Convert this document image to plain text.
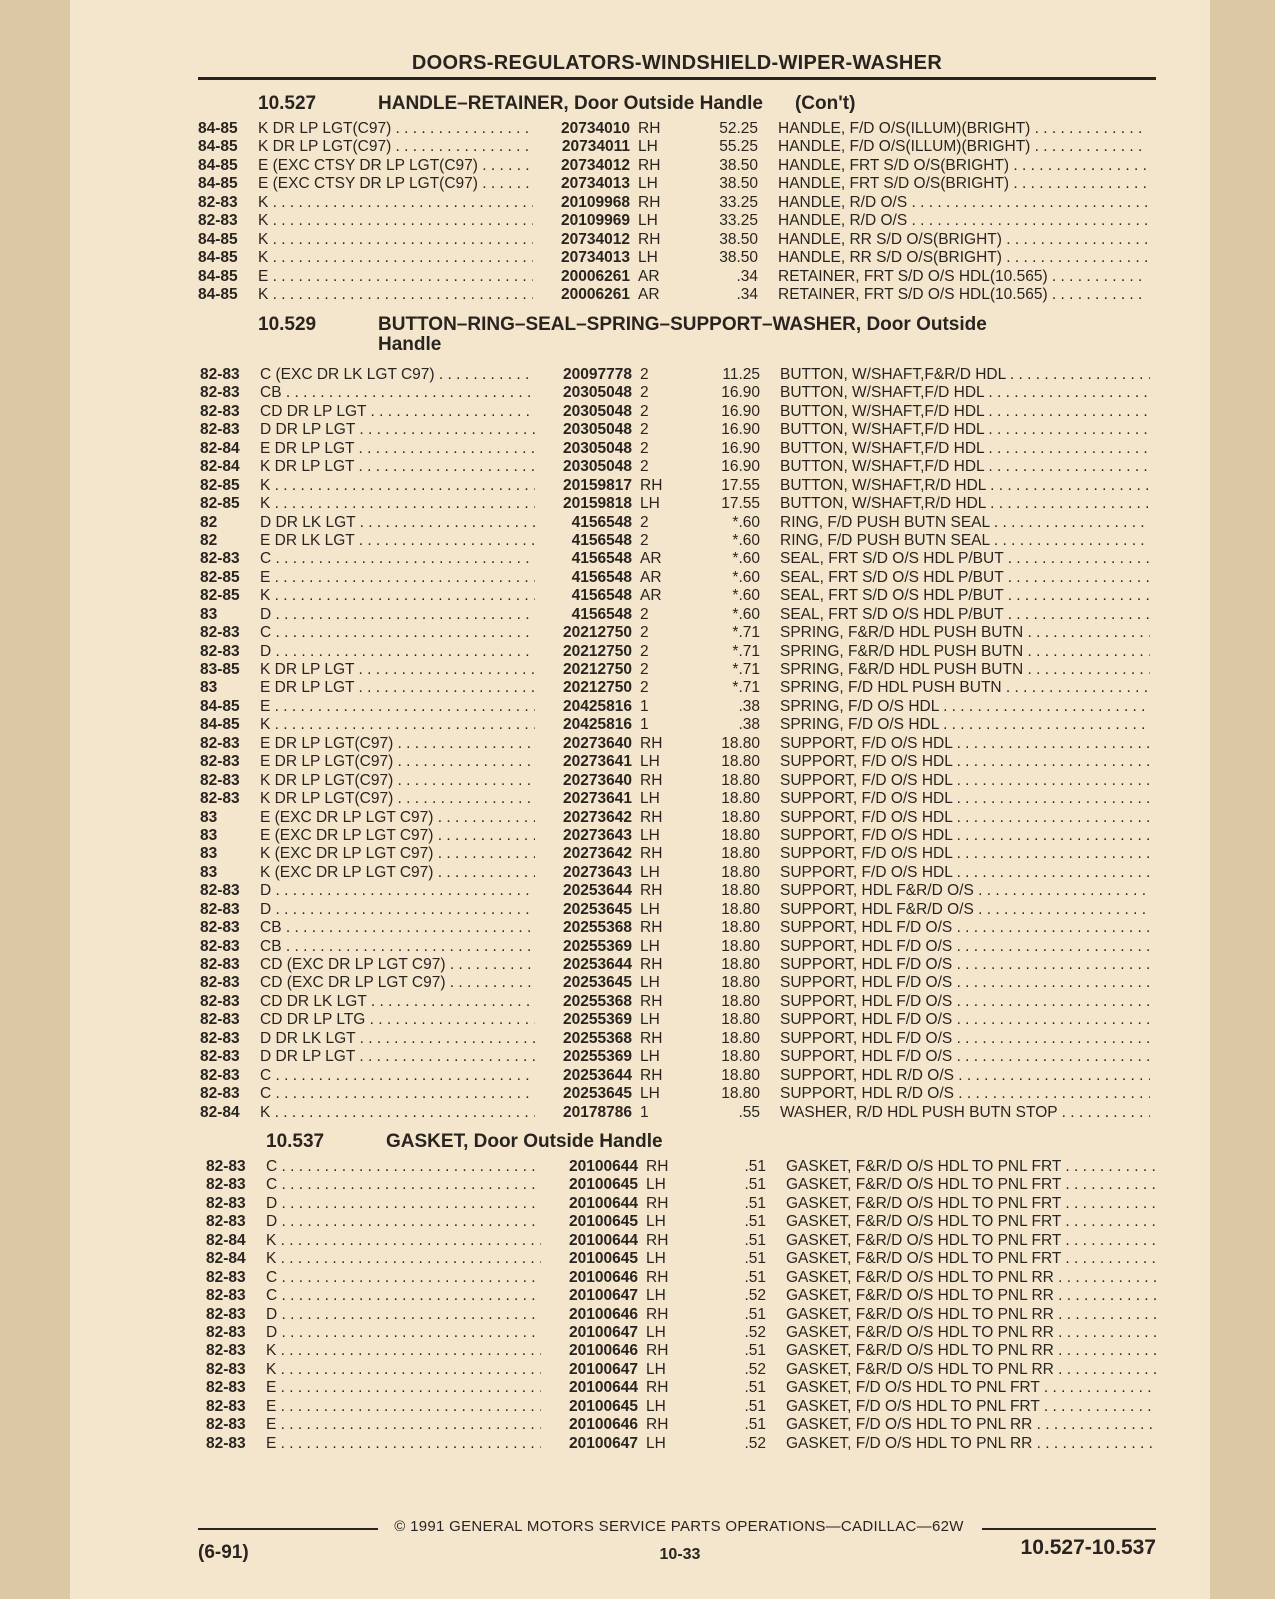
DOORS-REGULATORS-WINDSHIELD-WIPER-WASHER
10.527	HANDLE–RETAINER, Door Outside Handle (Con't)
84-85	K DR LP LGT(C97) . . .	20734010 RH	52.25 HANDLE, F/D O/S(ILLUM)(BRIGHT) . . .
84-85	K DR LP LGT(C97) . . .	20734011 LH	55.25 HANDLE, F/D O/S(ILLUM)(BRIGHT) . . .
84-85	E (EXC CTSY DR LP LGT(C97) . . .	20734012 RH	38.50 HANDLE, FRT S/D O/S(BRIGHT) . . .
84-85	E (EXC CTSY DR LP LGT(C97) . . .	20734013 LH	38.50 HANDLE, FRT S/D O/S(BRIGHT) . . .
82-83	K . . .	20109968 RH	33.25 HANDLE, R/D O/S . . .
82-83	K . . .	20109969 LH	33.25 HANDLE, R/D O/S . . .
84-85	K . . .	20734012 RH	38.50 HANDLE, RR S/D O/S(BRIGHT) . . .
84-85	K . . .	20734013 LH	38.50 HANDLE, RR S/D O/S(BRIGHT) . . .
84-85	E . . .	20006261 AR	.34 RETAINER, FRT S/D O/S HDL(10.565) . . .
84-85	K . . .	20006261 AR	.34 RETAINER, FRT S/D O/S HDL(10.565) . . .
10.529	BUTTON–RING–SEAL–SPRING–SUPPORT–WASHER, Door Outside
Handle
82-83	C (EXC DR LK LGT C97) . . .	20097778 2	11.25 BUTTON, W/SHAFT,F&R/D HDL . . .
82-83	CB . . .	20305048 2	16.90 BUTTON, W/SHAFT,F/D HDL . . .
82-83	CD DR LP LGT . . .	20305048 2	16.90 BUTTON, W/SHAFT,F/D HDL . . .
82-83	D DR LP LGT . . .	20305048 2	16.90 BUTTON, W/SHAFT,F/D HDL . . .
82-84	E DR LP LGT . . .	20305048 2	16.90 BUTTON, W/SHAFT,F/D HDL . . .
82-84	K DR LP LGT . . .	20305048 2	16.90 BUTTON, W/SHAFT,F/D HDL . . .
82-85	K . . .	20159817 RH	17.55 BUTTON, W/SHAFT,R/D HDL . . .
82-85	K . . .	20159818 LH	17.55 BUTTON, W/SHAFT,R/D HDL . . .
82	D DR LK LGT . . .	4156548 2	*.60 RING, F/D PUSH BUTN SEAL . . .
82	E DR LK LGT . . .	4156548 2	*.60 RING, F/D PUSH BUTN SEAL . . .
82-83	C . . .	4156548 AR	*.60 SEAL, FRT S/D O/S HDL P/BUT . . .
82-85	E . . .	4156548 AR	*.60 SEAL, FRT S/D O/S HDL P/BUT . . .
82-85	K . . .	4156548 AR	*.60 SEAL, FRT S/D O/S HDL P/BUT . . .
83	D . . .	4156548 2	*.60 SEAL, FRT S/D O/S HDL P/BUT . . .
82-83	C . . .	20212750 2	*.71 SPRING, F&R/D HDL PUSH BUTN . . .
82-83	D . . .	20212750 2	*.71 SPRING, F&R/D HDL PUSH BUTN . . .
83-85	K DR LP LGT . . .	20212750 2	*.71 SPRING, F&R/D HDL PUSH BUTN . . .
83	E DR LP LGT . . .	20212750 2	*.71 SPRING, F/D HDL PUSH BUTN . . .
84-85	E . . .	20425816 1	.38 SPRING, F/D O/S HDL . . .
84-85	K . . .	20425816 1	.38 SPRING, F/D O/S HDL . . .
82-83	E DR LP LGT(C97) . . .	20273640 RH	18.80 SUPPORT, F/D O/S HDL . . .
82-83	E DR LP LGT(C97) . . .	20273641 LH	18.80 SUPPORT, F/D O/S HDL . . .
82-83	K DR LP LGT(C97) . . .	20273640 RH	18.80 SUPPORT, F/D O/S HDL . . .
82-83	K DR LP LGT(C97) . . .	20273641 LH	18.80 SUPPORT, F/D O/S HDL . . .
83	E (EXC DR LP LGT C97) . . .	20273642 RH	18.80 SUPPORT, F/D O/S HDL . . .
83	E (EXC DR LP LGT C97) . . .	20273643 LH	18.80 SUPPORT, F/D O/S HDL . . .
83	K (EXC DR LP LGT C97) . . .	20273642 RH	18.80 SUPPORT, F/D O/S HDL . . .
83	K (EXC DR LP LGT C97) . . .	20273643 LH	18.80 SUPPORT, F/D O/S HDL . . .
82-83	D . . .	20253644 RH	18.80 SUPPORT, HDL F&R/D O/S . . .
82-83	D . . .	20253645 LH	18.80 SUPPORT, HDL F&R/D O/S . . .
82-83	CB . . .	20255368 RH	18.80 SUPPORT, HDL F/D O/S . . .
82-83	CB . . .	20255369 LH	18.80 SUPPORT, HDL F/D O/S . . .
82-83	CD (EXC DR LP LGT C97) . . .	20253644 RH	18.80 SUPPORT, HDL F/D O/S . . .
82-83	CD (EXC DR LP LGT C97) . . .	20253645 LH	18.80 SUPPORT, HDL F/D O/S . . .
82-83	CD DR LK LGT . . .	20255368 RH	18.80 SUPPORT, HDL F/D O/S . . .
82-83	CD DR LP LTG . . .	20255369 LH	18.80 SUPPORT, HDL F/D O/S . . .
82-83	D DR LK LGT . . .	20255368 RH	18.80 SUPPORT, HDL F/D O/S . . .
82-83	D DR LP LGT . . .	20255369 LH	18.80 SUPPORT, HDL F/D O/S . . .
82-83	C . . .	20253644 RH	18.80 SUPPORT, HDL R/D O/S . . .
82-83	C . . .	20253645 LH	18.80 SUPPORT, HDL R/D O/S . . .
82-84	K . . .	20178786 1	.55 WASHER, R/D HDL PUSH BUTN STOP . . .
10.537	GASKET, Door Outside Handle
82-83	C . . .	20100644 RH	.51 GASKET, F&R/D O/S HDL TO PNL FRT . . .
82-83	C . . .	20100645 LH	.51 GASKET, F&R/D O/S HDL TO PNL FRT . . .
82-83	D . . .	20100644 RH	.51 GASKET, F&R/D O/S HDL TO PNL FRT . . .
82-83	D . . .	20100645 LH	.51 GASKET, F&R/D O/S HDL TO PNL FRT . . .
82-84	K . . .	20100644 RH	.51 GASKET, F&R/D O/S HDL TO PNL FRT . . .
82-84	K . . .	20100645 LH	.51 GASKET, F&R/D O/S HDL TO PNL FRT . . .
82-83	C . . .	20100646 RH	.51 GASKET, F&R/D O/S HDL TO PNL RR . . .
82-83	C . . .	20100647 LH	.52 GASKET, F&R/D O/S HDL TO PNL RR . . .
82-83	D . . .	20100646 RH	.51 GASKET, F&R/D O/S HDL TO PNL RR . . .
82-83	D . . .	20100647 LH	.52 GASKET, F&R/D O/S HDL TO PNL RR . . .
82-83	K . . .	20100646 RH	.51 GASKET, F&R/D O/S HDL TO PNL RR . . .
82-83	K . . .	20100647 LH	.52 GASKET, F&R/D O/S HDL TO PNL RR . . .
82-83	E . . .	20100644 RH	.51 GASKET, F/D O/S HDL TO PNL FRT . . .
82-83	E . . .	20100645 LH	.51 GASKET, F/D O/S HDL TO PNL FRT . . .
82-83	E . . .	20100646 RH	.51 GASKET, F/D O/S HDL TO PNL RR . . .
82-83	E . . .	20100647 LH	.52 GASKET, F/D O/S HDL TO PNL RR . . .
© 1991 GENERAL MOTORS SERVICE PARTS OPERATIONS—CADILLAC—62W
(6-91)	10-33	10.527-10.537
